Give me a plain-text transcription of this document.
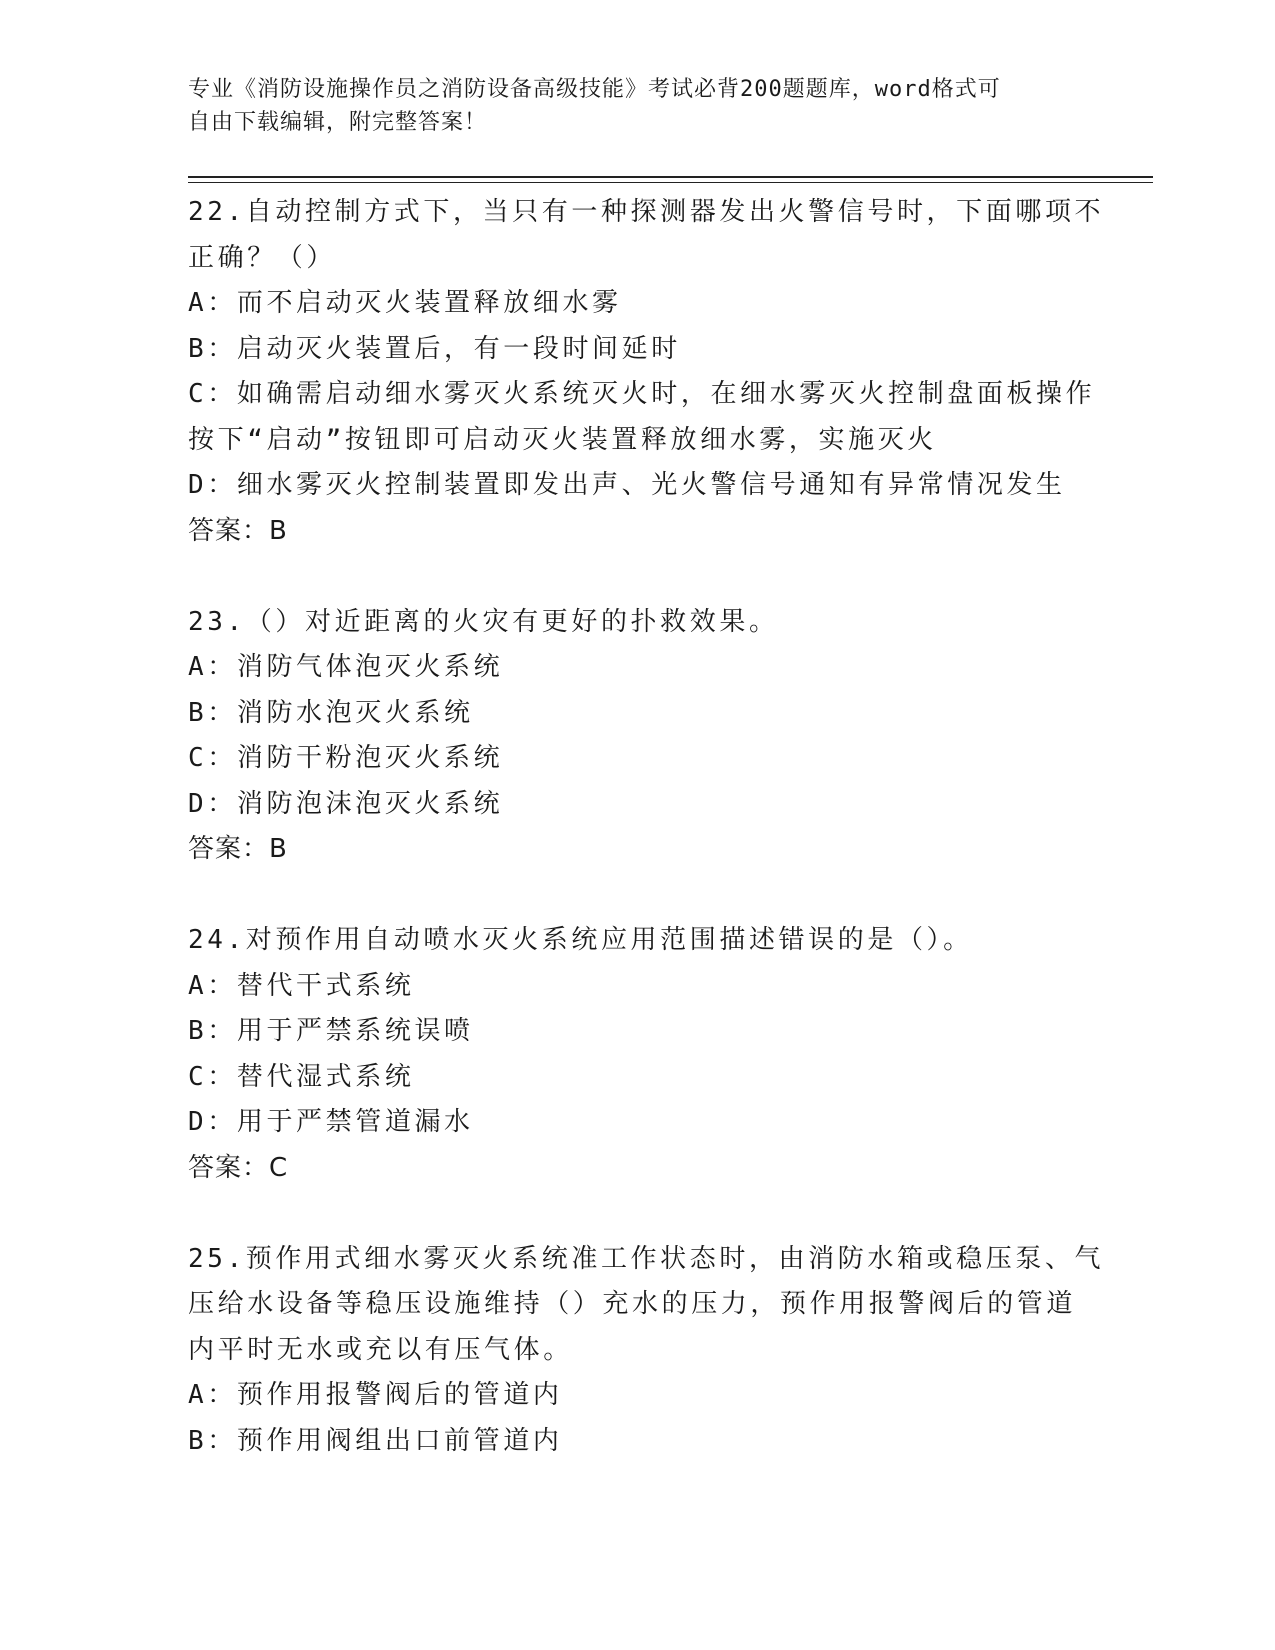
专业《消防设施操作员之消防设备高级技能》考试必背200题题库，word格式可
自由下载编辑，附完整答案！
22.自动控制方式下，当只有一种探测器发出火警信号时，下面哪项不
正确？（）
A：而不启动灭火装置释放细水雾
B：启动灭火装置后，有一段时间延时
C：如确需启动细水雾灭火系统灭火时，在细水雾灭火控制盘面板操作
按下“启动”按钮即可启动灭火装置释放细水雾，实施灭火
D：细水雾灭火控制装置即发出声、光火警信号通知有异常情况发生
答案：B
23.（）对近距离的火灾有更好的扑救效果。
A：消防气体泡灭火系统
B：消防水泡灭火系统
C：消防干粉泡灭火系统
D：消防泡沫泡灭火系统
答案：B
24.对预作用自动喷水灭火系统应用范围描述错误的是（）。
A：替代干式系统
B：用于严禁系统误喷
C：替代湿式系统
D：用于严禁管道漏水
答案：C
25.预作用式细水雾灭火系统准工作状态时，由消防水箱或稳压泵、气
压给水设备等稳压设施维持（）充水的压力，预作用报警阀后的管道
内平时无水或充以有压气体。
A：预作用报警阀后的管道内
B：预作用阀组出口前管道内
